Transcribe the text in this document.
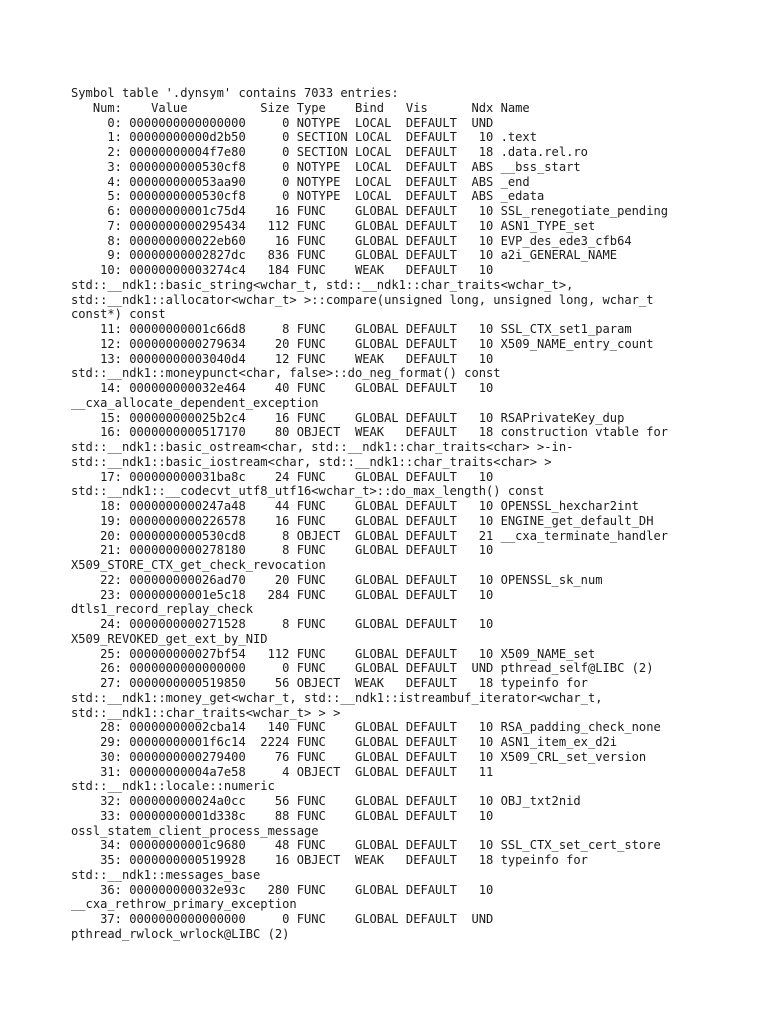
Symbol table '.dynsym' contains 7033 entries:
Num:    Value          Size Type    Bind   Vis      Ndx Name
0: 0000000000000000     0 NOTYPE  LOCAL  DEFAULT  UND
1: 00000000000d2b50     0 SECTION LOCAL  DEFAULT   10 .text
2: 00000000004f7e80     0 SECTION LOCAL  DEFAULT   18 .data.rel.ro
3: 0000000000530cf8     0 NOTYPE  LOCAL  DEFAULT  ABS __bss_start
4: 000000000053aa90     0 NOTYPE  LOCAL  DEFAULT  ABS _end
5: 0000000000530cf8     0 NOTYPE  LOCAL  DEFAULT  ABS _edata
6: 00000000001c75d4    16 FUNC    GLOBAL DEFAULT   10 SSL_renegotiate_pending
7: 0000000000295434   112 FUNC    GLOBAL DEFAULT   10 ASN1_TYPE_set
8: 000000000022eb60    16 FUNC    GLOBAL DEFAULT   10 EVP_des_ede3_cfb64
9: 00000000002827dc   836 FUNC    GLOBAL DEFAULT   10 a2i_GENERAL_NAME
10: 00000000003274c4   184 FUNC    WEAK   DEFAULT   10
std::__ndk1::basic_string<wchar_t, std::__ndk1::char_traits<wchar_t>,
std::__ndk1::allocator<wchar_t> >::compare(unsigned long, unsigned long, wchar_t
const*) const
11: 00000000001c66d8     8 FUNC    GLOBAL DEFAULT   10 SSL_CTX_set1_param
12: 0000000000279634    20 FUNC    GLOBAL DEFAULT   10 X509_NAME_entry_count
13: 00000000003040d4    12 FUNC    WEAK   DEFAULT   10
std::__ndk1::moneypunct<char, false>::do_neg_format() const
14: 000000000032e464    40 FUNC    GLOBAL DEFAULT   10
__cxa_allocate_dependent_exception
15: 000000000025b2c4    16 FUNC    GLOBAL DEFAULT   10 RSAPrivateKey_dup
16: 0000000000517170    80 OBJECT  WEAK   DEFAULT   18 construction vtable for
std::__ndk1::basic_ostream<char, std::__ndk1::char_traits<char> >-in-
std::__ndk1::basic_iostream<char, std::__ndk1::char_traits<char> >
17: 000000000031ba8c    24 FUNC    GLOBAL DEFAULT   10
std::__ndk1::__codecvt_utf8_utf16<wchar_t>::do_max_length() const
18: 0000000000247a48    44 FUNC    GLOBAL DEFAULT   10 OPENSSL_hexchar2int
19: 0000000000226578    16 FUNC    GLOBAL DEFAULT   10 ENGINE_get_default_DH
20: 0000000000530cd8     8 OBJECT  GLOBAL DEFAULT   21 __cxa_terminate_handler
21: 0000000000278180     8 FUNC    GLOBAL DEFAULT   10
X509_STORE_CTX_get_check_revocation
22: 000000000026ad70    20 FUNC    GLOBAL DEFAULT   10 OPENSSL_sk_num
23: 00000000001e5c18   284 FUNC    GLOBAL DEFAULT   10
dtls1_record_replay_check
24: 0000000000271528     8 FUNC    GLOBAL DEFAULT   10
X509_REVOKED_get_ext_by_NID
25: 000000000027bf54   112 FUNC    GLOBAL DEFAULT   10 X509_NAME_set
26: 0000000000000000     0 FUNC    GLOBAL DEFAULT  UND pthread_self@LIBC (2)
27: 0000000000519850    56 OBJECT  WEAK   DEFAULT   18 typeinfo for
std::__ndk1::money_get<wchar_t, std::__ndk1::istreambuf_iterator<wchar_t,
std::__ndk1::char_traits<wchar_t> > >
28: 00000000002cba14   140 FUNC    GLOBAL DEFAULT   10 RSA_padding_check_none
29: 00000000001f6c14  2224 FUNC    GLOBAL DEFAULT   10 ASN1_item_ex_d2i
30: 0000000000279400    76 FUNC    GLOBAL DEFAULT   10 X509_CRL_set_version
31: 00000000004a7e58     4 OBJECT  GLOBAL DEFAULT   11
std::__ndk1::locale::numeric
32: 000000000024a0cc    56 FUNC    GLOBAL DEFAULT   10 OBJ_txt2nid
33: 00000000001d338c    88 FUNC    GLOBAL DEFAULT   10
ossl_statem_client_process_message
34: 00000000001c9680    48 FUNC    GLOBAL DEFAULT   10 SSL_CTX_set_cert_store
35: 0000000000519928    16 OBJECT  WEAK   DEFAULT   18 typeinfo for
std::__ndk1::messages_base
36: 000000000032e93c   280 FUNC    GLOBAL DEFAULT   10
__cxa_rethrow_primary_exception
37: 0000000000000000     0 FUNC    GLOBAL DEFAULT  UND
pthread_rwlock_wrlock@LIBC (2)
